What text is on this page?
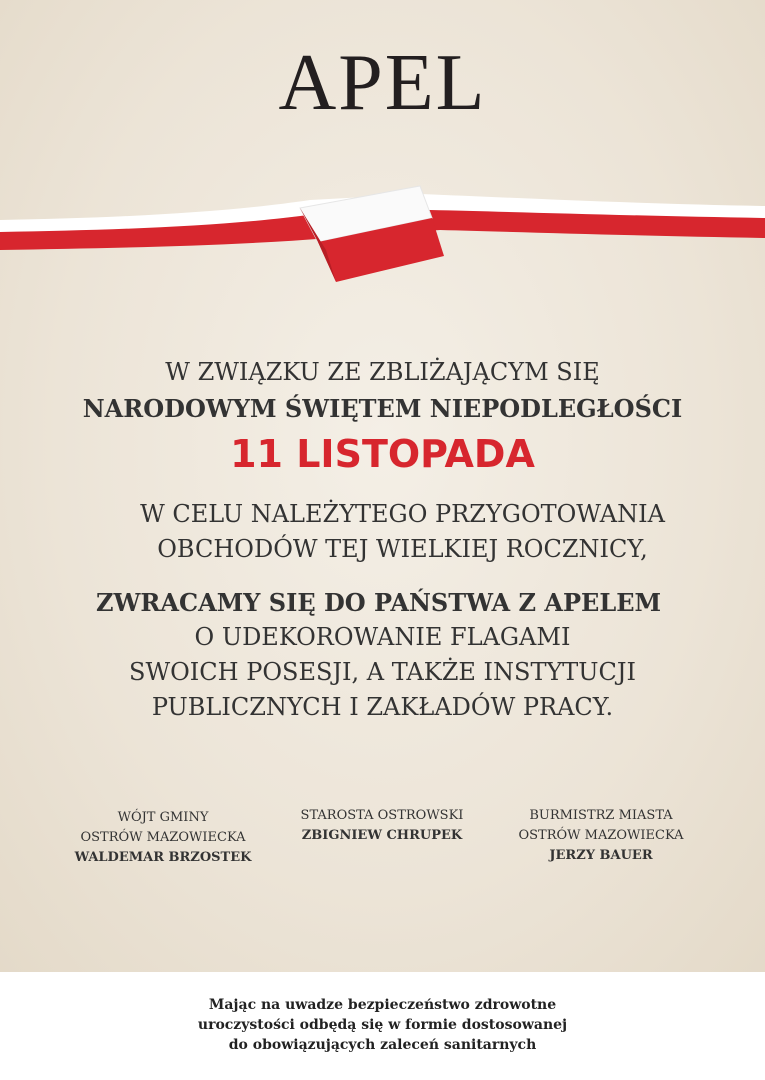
APEL
W ZWIĄZKU ZE ZBLIŻAJĄCYM SIĘ
NARODOWYM ŚWIĘTEM NIEPODLEGŁOŚCI
11 LISTOPADA
W CELU NALEŻYTEGO PRZYGOTOWANIA
OBCHODÓW TEJ WIELKIEJ ROCZNICY,
ZWRACAMY SIĘ DO PAŃSTWA Z APELEM
O UDEKOROWANIE FLAGAMI
SWOICH POSESJI, A TAKŻE INSTYTUCJI
PUBLICZNYCH I ZAKŁADÓW PRACY.
WÓJT GMINY
OSTRÓW MAZOWIECKA
WALDEMAR BRZOSTEK
STAROSTA OSTROWSKI
ZBIGNIEW CHRUPEK
BURMISTRZ MIASTA
OSTRÓW MAZOWIECKA
JERZY BAUER
Mając na uwadze bezpieczeństwo zdrowotne
uroczystości odbędą się w formie dostosowanej
do obowiązujących zaleceń sanitarnych
